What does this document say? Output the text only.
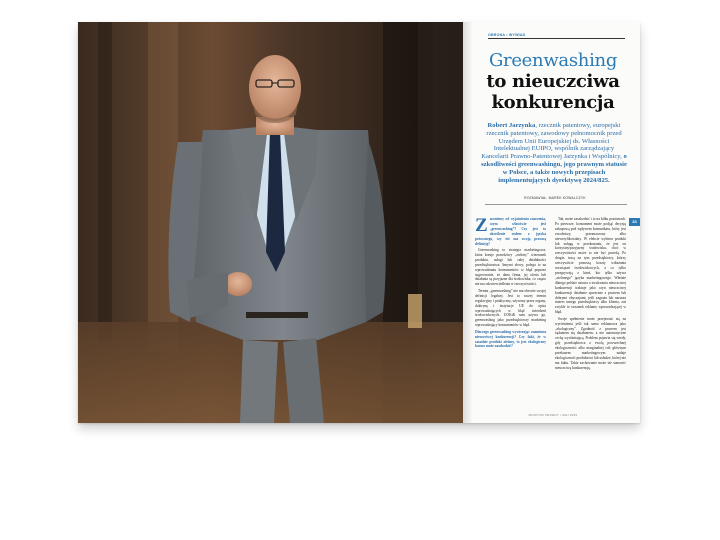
OBRONA • WYWIAD
Greenwashing
to nieuczciwa
konkurencja
Robert Jarzynka, rzecznik patentowy, europejski rzecznik patentowy, zawodowy pełnomocnik przed Urzędem Unii Europejskiej ds. Własności Intelektualnej EUIPO, wspólnik zarządzający Kancelarii Prawno-Patentowej Jarzynka i Wspólnicy, o szkodliwości greenwashingu, jego prawnym statusie w Polsce, a także nowych przepisach implementujących dyrektywę 2024/825.
ROZMAWIAŁ: MAREK KOWALCZYK
33

Zaczniemy od wyjaśnienia znaczenia, czym właściwie jest „greenwashing”? Czy jest to określenie rodem z języka potocznego, czy też ma swoją prawną definicję?

Greenwashing to strategia marketingowa, która kreuje prawdziwy „zielony” wizerunek produktu, usługi lub całej działalności przedsiębiorstwa. Innymi słowy, polega to na wprowadzaniu konsumentów w błąd poprzez sugerowanie, że dana firma, jej oferta lub działania są przyjazne dla środowiska, co często nie ma odzwierciedlenia w rzeczywistości.

Termin „greenwashing” nie ma obecnie swojej definicji legalnej. Jest to raczej termin regulacyjny i praktyczny, używany przez organy, doktrynę i instytucje UE do opisu wprowadzających w błąd twierdzeń środowiskowych. UOKiK sam używa go, greenwashing jako przedsiębiorczy marketing wprowadzający konsumentów w błąd.

Dlaczego greenwashing wywierając znamiona nieuczciwej konkurencji? Czy fakt, że w zasadzie produkt zielony, to jest ekologiczny kosmo może zaszkodzić?

Tak, może zaszkodzić i to na kilku poziomach. Po pierwsze, konsument może podjąć decyzję zakupową pod wpływem komunikatu, który jest zwodniczy, przeznaczony albo nieweryfikowalny. W efekcie wybiera produkt lub usługę w przekonaniu, że jest on korzystny/przyjazny środowisku, choć w rzeczywistości może to nie być prawdą. Po drugie, tracą na tym przedsiębiorcy, którzy rzeczywiście ponoszą koszty wdrażania rozwiązań środowiskowych, a co tylko przegrywają z kimś, kto tylko używa „zielonego” języka marketingowego. Właśnie dlatego polskie ustawa o zwalczaniu nieuczciwej konkurencji traktuje jako czyn nieuczciwej konkurencji działanie sprzeczne z prawem lub dobrymi obyczajami, jeśli zagraża lub narusza interes innego przedsiębiorcy albo klienta, zaś zwykle to stosunek reklamy wprowadzającej w błąd.

Swoje spełnienie może przejawiać się na wyróżnieniu jeśli tak samo reklamowa jako „ekologiczny”. Zgodność z prawem jest żądaniem się działaniem, a nie automatyczne cechą wyróżniającą. Problem pojawia się wtedy, gdy przedsiębiorca z ewolą powszechnej ekologiczności albo marginalnej roli głównym przekazem marketingowym nadaje ekologiczność produktowi lub usłudze, której nie ma faktu. Takie zachowanie może też stanowić nieuczciwą konkurencję.

MONITOR PRAWNY • MAJ 2025
